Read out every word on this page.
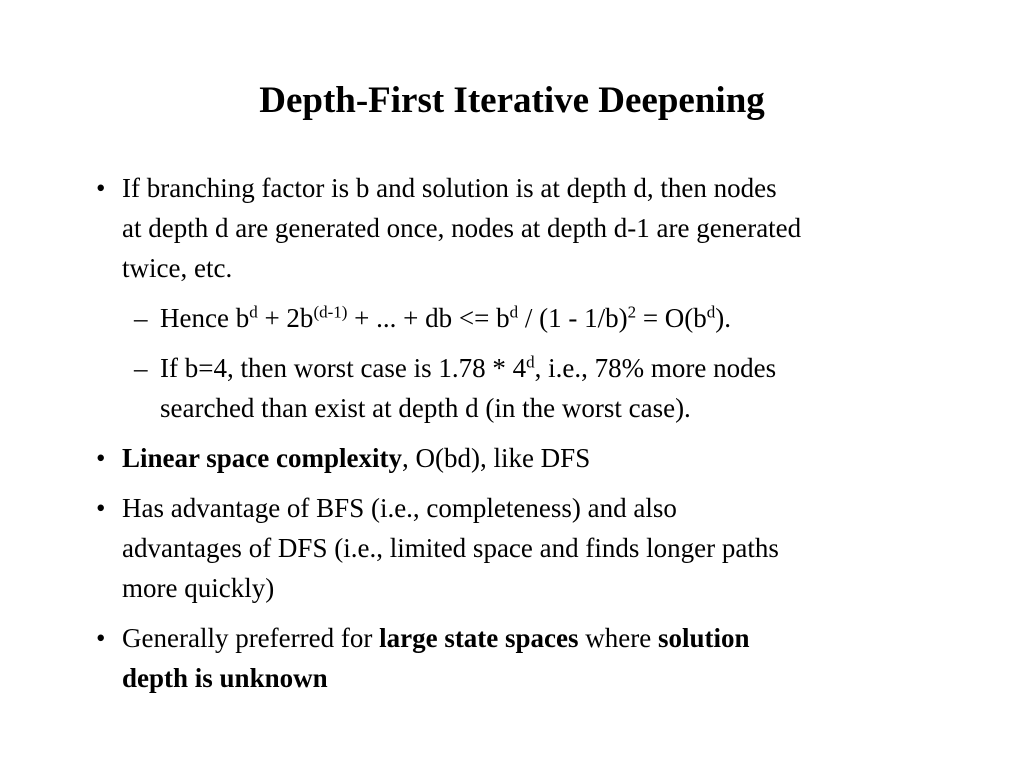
Depth-First Iterative Deepening
• If branching factor is b and solution is at depth d, then nodes
at depth d are generated once, nodes at depth d-1 are generated
twice, etc.
– Hence $b^d + 2b^{(d-1)}$ + ... + db <= $b^d / (1 - 1/b)^2 = O(b^d)$.
– If b=4, then worst case is 1.78 * 4$^d$, i.e., 78% more nodes
searched than exist at depth d (in the worst case).
• Linear space complexity, O(bd), like DFS
• Has advantage of BFS (i.e., completeness) and also
advantages of DFS (i.e., limited space and finds longer paths
more quickly)
• Generally preferred for large state spaces where solution
depth is unknown
